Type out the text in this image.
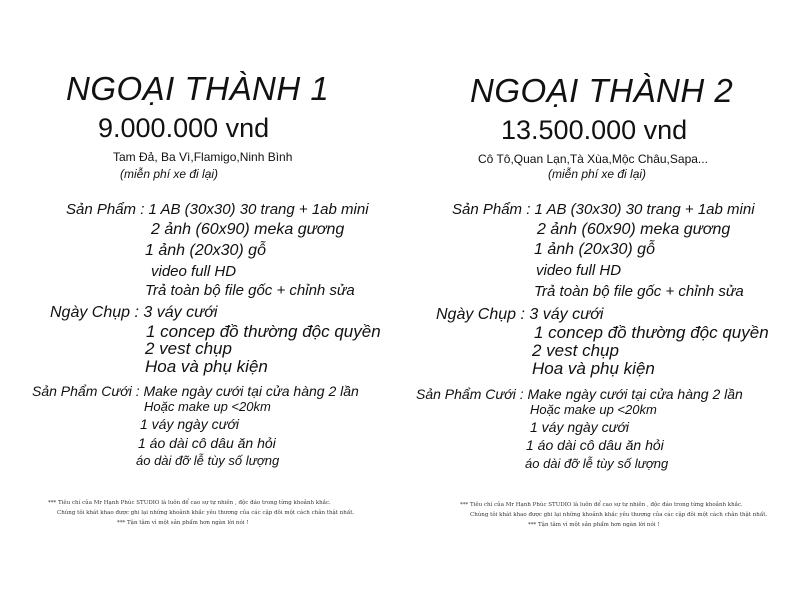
NGOẠI THÀNH 1
9.000.000 vnd
Tam Đả, Ba Vì,Flamigo,Ninh Bình
(miễn phí xe đi lại)
Sản Phẩm : 1 AB (30x30) 30 trang + 1ab mini
2 ảnh (60x90) meka gương
1 ảnh (20x30) gỗ
video full HD
Trả toàn bộ file gốc + chỉnh sửa
Ngày Chụp : 3 váy cưới
1 concep đồ thường độc quyền
2 vest chụp
Hoa và phụ kiện
Sản Phẩm Cưới : Make ngày cưới tại cửa hàng 2 lần
Hoặc make up <20km
1 váy ngày cưới
1 áo dài cô dâu ăn hỏi
áo dài đỡ lễ tùy số lượng
*** Tiêu chí của Mr Hạnh Phúc STUDIO là luôn để cao sự tự nhiên , độc đáo trong từng khoảnh khắc.
Chúng tôi khát khao được ghi lại những khoảnh khắc yêu thương của các cặp đôi một cách chân thật nhất.
*** Tận tâm vì một sản phẩm hơn ngàn lời nói !
NGOẠI THÀNH 2
13.500.000 vnd
Cô Tô,Quan Lạn,Tà Xùa,Mộc Châu,Sapa...
(miễn phí xe đi lại)
Sản Phẩm : 1 AB (30x30) 30 trang + 1ab mini
2 ảnh (60x90) meka gương
1 ảnh (20x30) gỗ
video full HD
Trả toàn bộ file gốc + chỉnh sửa
Ngày Chụp : 3 váy cưới
1 concep đồ thường độc quyền
2 vest chụp
Hoa và phụ kiện
Sản Phẩm Cưới : Make ngày cưới tại cửa hàng 2 lần
Hoặc make up <20km
1 váy ngày cưới
1 áo dài cô dâu ăn hỏi
áo dài đỡ lễ tùy số lượng
*** Tiêu chí của Mr Hạnh Phúc STUDIO là luôn để cao sự tự nhiên , độc đáo trong từng khoảnh khắc.
Chúng tôi khát khao được ghi lại những khoảnh khắc yêu thương của các cặp đôi một cách chân thật nhất.
*** Tận tâm vì một sản phẩm hơn ngàn lời nói !
